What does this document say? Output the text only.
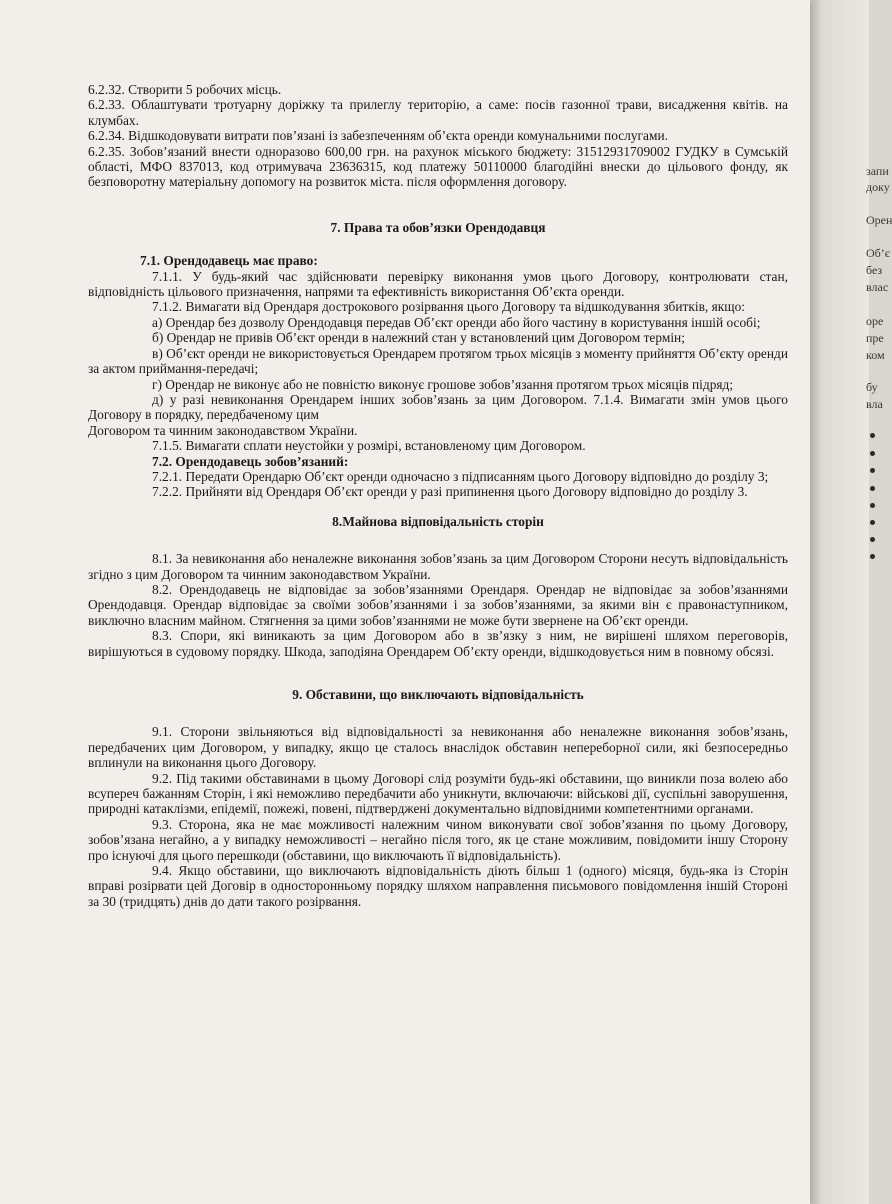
6.2.32. Створити 5 робочих місць.

6.2.33. Облаштувати тротуарну доріжку та прилеглу територію, а саме: посів газонної трави, висадження квітів. на клумбах.

6.2.34. Відшкодовувати витрати пов’язані із забезпеченням об’єкта оренди комунальними послугами.

6.2.35. Зобов’язаний внести одноразово 600,00 грн. на рахунок міського бюджету: 31512931709002 ГУДКУ в Сумській області, МФО 837013, код отримувача 23636315, код платежу 50110000 благодійні внески до цільового фонду, як безповоротну матеріальну допомогу на розвиток міста. після оформлення договору.

7. Права та обов’язки Орендодавця

7.1. Орендодавець має право:

7.1.1. У будь-який час здійснювати перевірку виконання умов цього Договору, контролювати стан, відповідність цільового призначення, напрями та ефективність використання Об’єкта оренди.

7.1.2. Вимагати від Орендаря дострокового розірвання цього Договору та відшкодування збитків, якщо:

а) Орендар без дозволу Орендодавця передав Об’єкт оренди або його частину в користування іншій особі;

б) Орендар не привів Об’єкт оренди в належний стан у встановлений цим Договором термін;

в) Об’єкт оренди не використовується Орендарем протягом трьох місяців з моменту прийняття Об’єкту оренди за актом приймання-передачі;

г) Орендар не виконує або не повністю виконує грошове зобов’язання протягом трьох місяців підряд;

д) у разі невиконання Орендарем інших зобов’язань за цим Договором. 7.1.4. Вимагати змін умов цього Договору в порядку, передбаченому цим

Договором та чинним законодавством України.

7.1.5. Вимагати сплати неустойки у розмірі, встановленому цим Договором.

7.2. Орендодавець зобов’язаний:

7.2.1. Передати Орендарю Об’єкт оренди одночасно з підписанням цього Договору відповідно до розділу 3;

7.2.2. Прийняти від Орендаря Об’єкт оренди у разі припинення цього Договору відповідно до розділу 3.

8.Майнова відповідальність сторін

8.1. За невиконання або неналежне виконання зобов’язань за цим Договором Сторони несуть відповідальність згідно з цим Договором та чинним законодавством України.

8.2. Орендодавець не відповідає за зобов’язаннями Орендаря. Орендар не відповідає за зобов’язаннями Орендодавця. Орендар відповідає за своїми зобов’язаннями і за зобов’язаннями, за якими він є правонаступником, виключно власним майном. Стягнення за цими зобов’язаннями не може бути звернене на Об’єкт оренди.

8.3. Спори, які виникають за цим Договором або в зв’язку з ним, не вирішені шляхом переговорів, вирішуються в судовому порядку. Шкода, заподіяна Орендарем Об’єкту оренди, відшкодовується ним в повному обсязі.

9. Обставини, що виключають відповідальність

9.1. Сторони звільняються від відповідальності за невиконання або неналежне виконання зобов’язань, передбачених цим Договором, у випадку, якщо це сталось внаслідок обставин непереборної сили, які безпосередньо вплинули на виконання цього Договору.

9.2. Під такими обставинами в цьому Договорі слід розуміти будь-які обставини, що виникли поза волею або всупереч бажанням Сторін, і які неможливо передбачити або уникнути, включаючи: військові дії, суспільні заворушення, природні катаклізми, епідемії, пожежі, повені, підтверджені документально відповідними компетентними органами.

9.3. Сторона, яка не має можливості належним чином виконувати свої зобов’язання по цьому Договору, зобов’язана негайно, а у випадку неможливості – негайно після того, як це стане можливим, повідомити іншу Сторону про існуючі для цього перешкоди (обставини, що виключають її відповідальність).

9.4. Якщо обставини, що виключають відповідальність діють більш 1 (одного) місяця, будь-яка із Сторін вправі розірвати цей Договір в односторонньому порядку шляхом направлення письмового повідомлення іншій Стороні за 30 (тридцять) днів до дати такого розірвання.

запи
доку
Орен
Об’є
без
влас
оре
пре
ком
бу
вла
